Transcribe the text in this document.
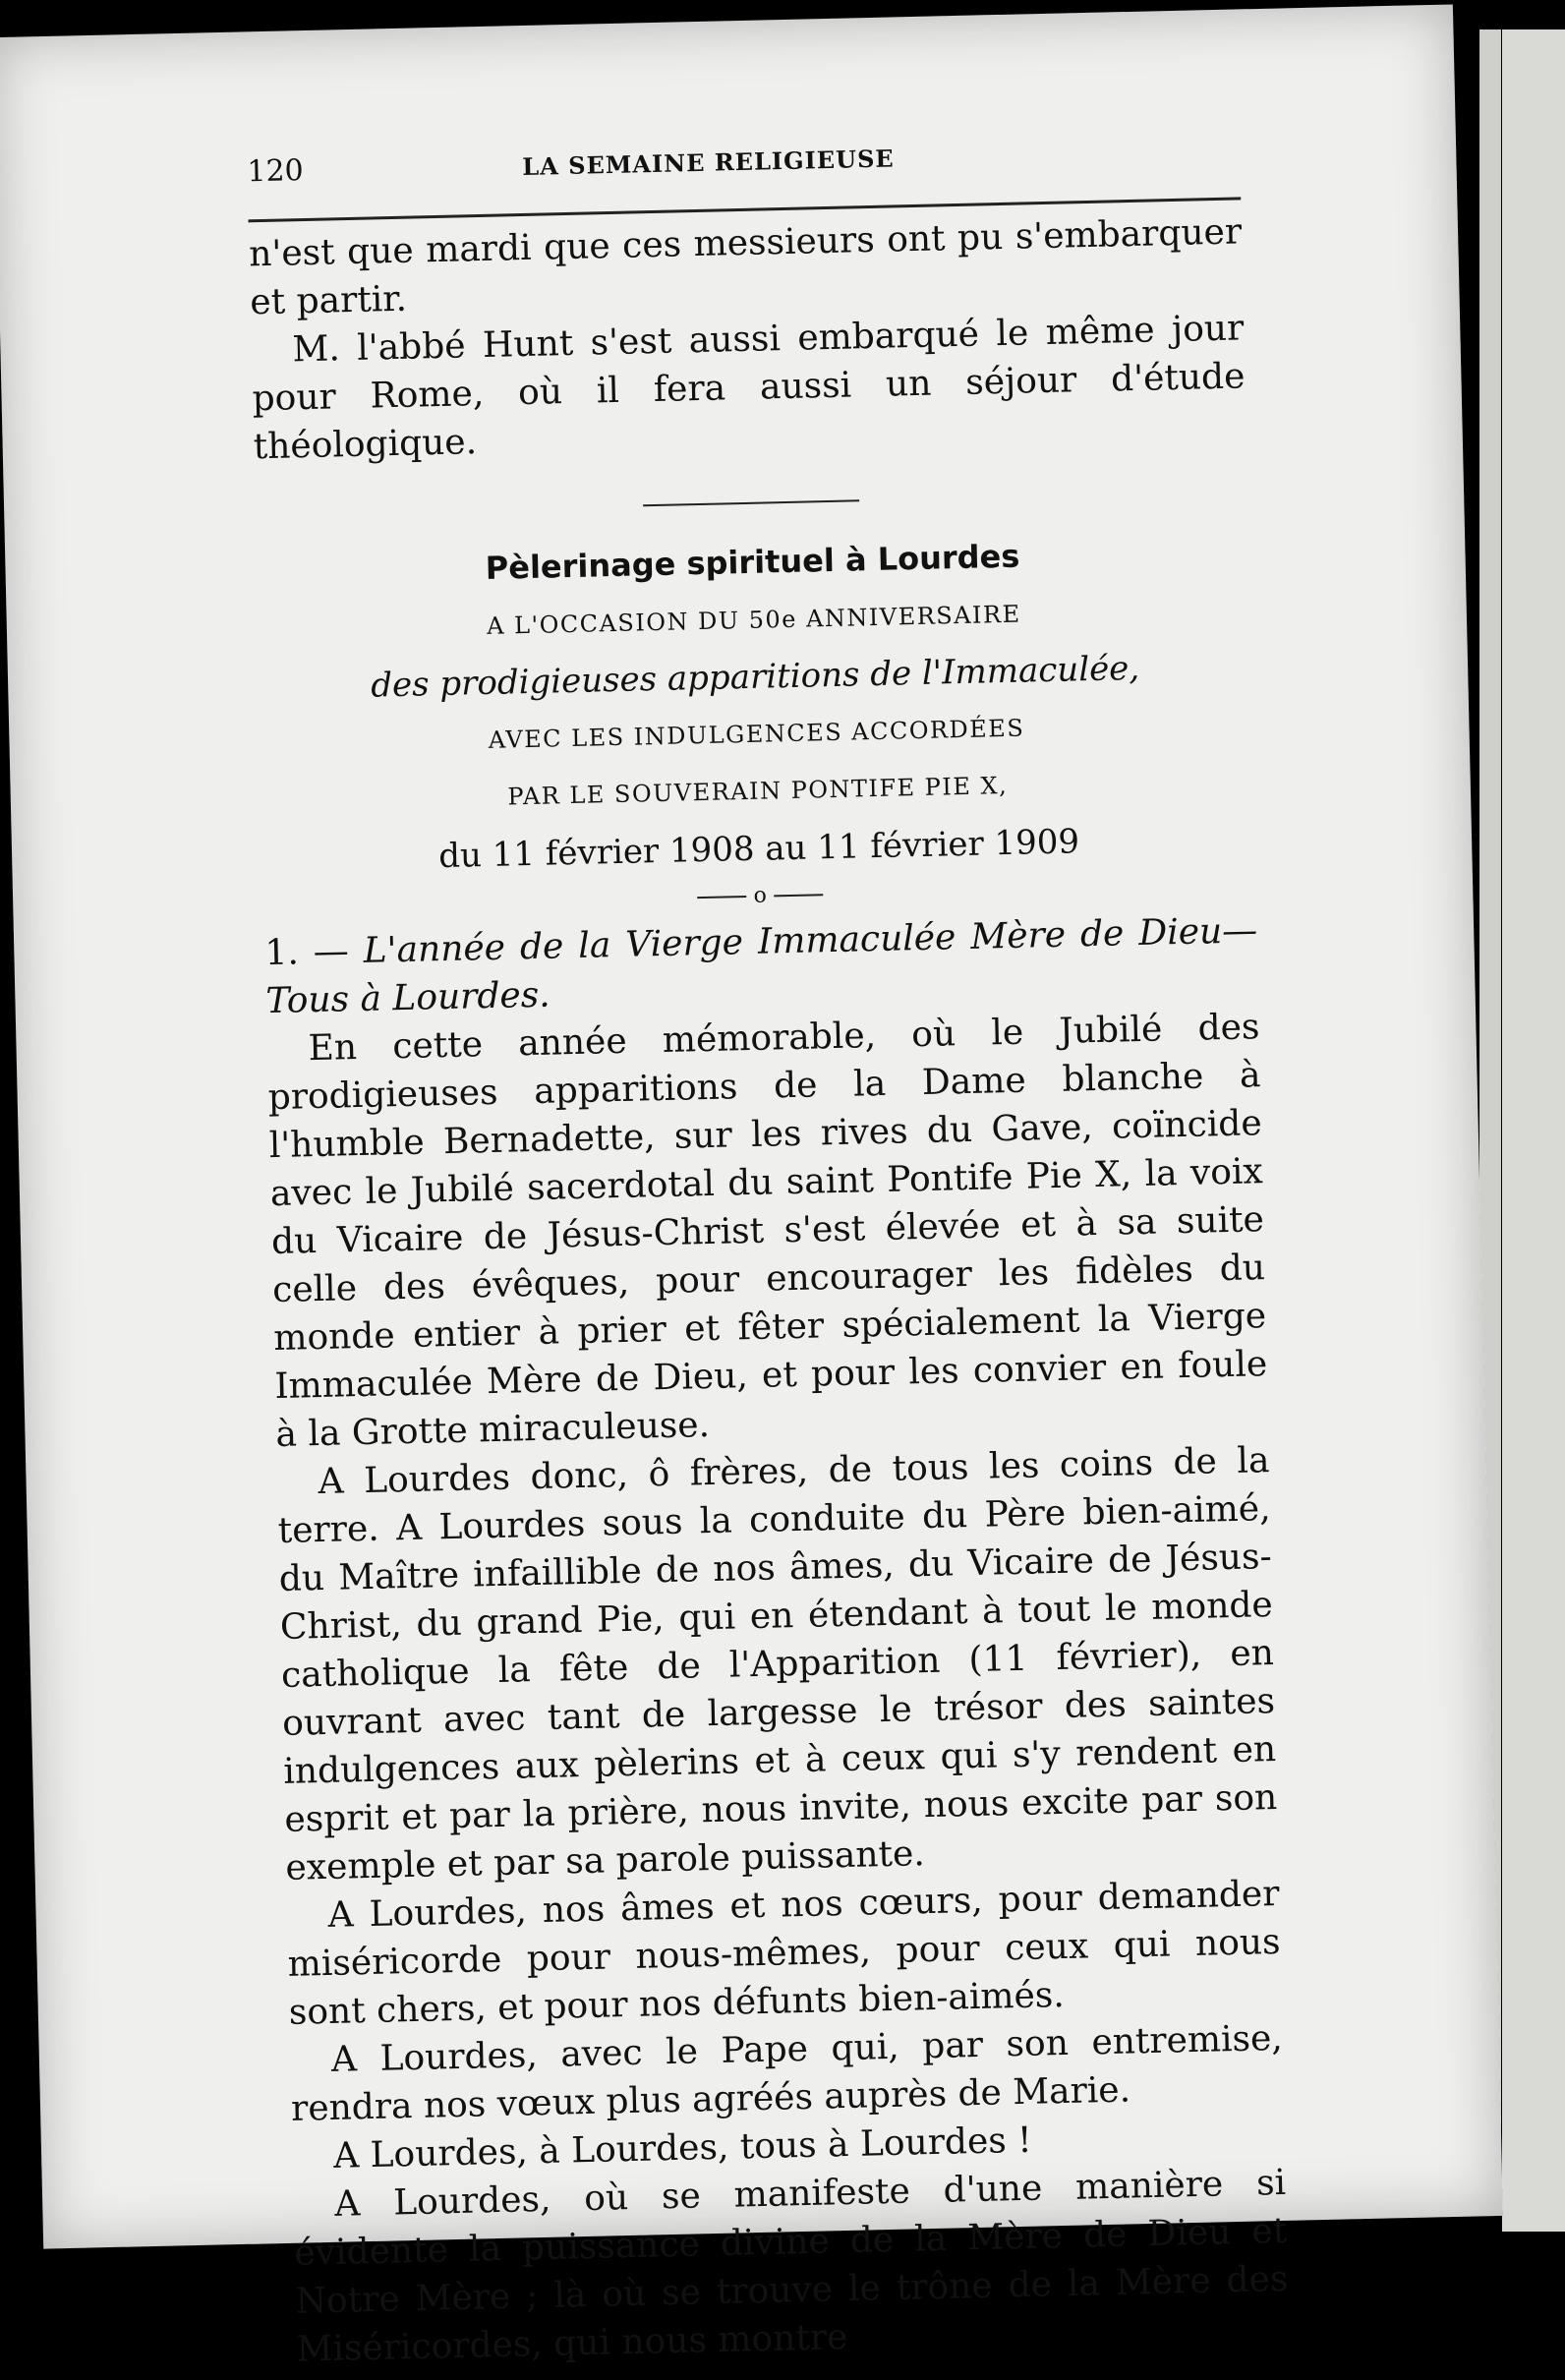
120	LA SEMAINE RELIGIEUSE

n'est que mardi que ces messieurs ont pu s'embarquer et partir.

M. l'abbé Hunt s'est aussi embarqué le même jour pour Rome, où il fera aussi un séjour d'étude théologique.

Pèlerinage spirituel à Lourdes
A L'OCCASION DU 50e ANNIVERSAIRE
des prodigieuses apparitions de l'Immaculée,
AVEC LES INDULGENCES ACCORDÉES
PAR LE SOUVERAIN PONTIFE PIE X,
du 11 février 1908 au 11 février 1909
o

1. — L'année de la Vierge Immaculée Mère de Dieu—Tous à Lourdes.

En cette année mémorable, où le Jubilé des prodigieuses apparitions de la Dame blanche à l'humble Bernadette, sur les rives du Gave, coïncide avec le Jubilé sacerdotal du saint Pontife Pie X, la voix du Vicaire de Jésus-Christ s'est élevée et à sa suite celle des évêques, pour encourager les fidèles du monde entier à prier et fêter spécialement la Vierge Immaculée Mère de Dieu, et pour les convier en foule à la Grotte miraculeuse.

A Lourdes donc, ô frères, de tous les coins de la terre. A Lourdes sous la conduite du Père bien-aimé, du Maître infaillible de nos âmes, du Vicaire de Jésus-Christ, du grand Pie, qui en étendant à tout le monde catholique la fête de l'Apparition (11 février), en ouvrant avec tant de largesse le trésor des saintes indulgences aux pèlerins et à ceux qui s'y rendent en esprit et par la prière, nous invite, nous excite par son exemple et par sa parole puissante.

A Lourdes, nos âmes et nos cœurs, pour demander miséricorde pour nous-mêmes, pour ceux qui nous sont chers, et pour nos défunts bien-aimés.

A Lourdes, avec le Pape qui, par son entremise, rendra nos vœux plus agréés auprès de Marie.

A Lourdes, à Lourdes, tous à Lourdes !

A Lourdes, où se manifeste d'une manière si évidente la puissance divine de la Mère de Dieu et Notre Mère ; là où se trouve le trône de la Mère des Miséricordes, qui nous montre
